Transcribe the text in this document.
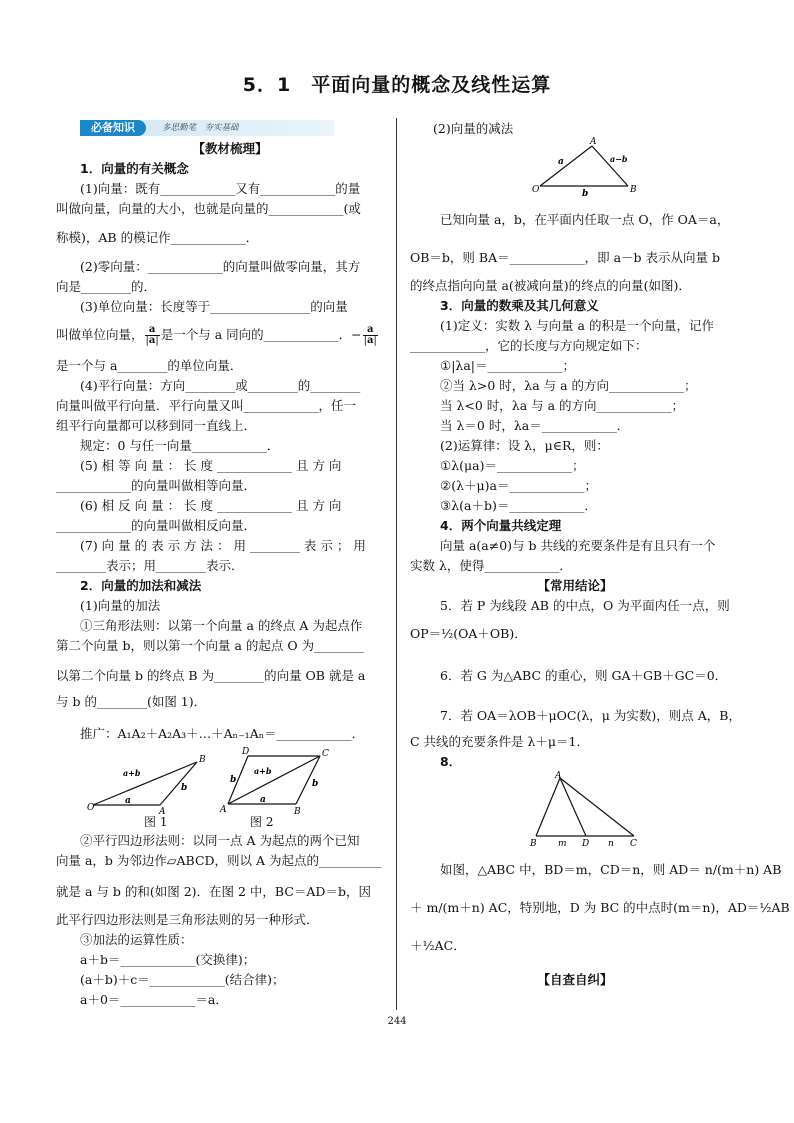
5．1　平面向量的概念及线性运算
必备知识	多思勤笔　夯实基础
【教材梳理】
1．向量的有关概念
(1)向量：既有____________又有____________的量
叫做向量，向量的大小，也就是向量的____________(或
称模)，AB 的模记作____________．
(2)零向量：____________的向量叫做零向量，其方
向是________的．
(3)单位向量：长度等于________________的向量
叫做单位向量， $\frac{a}{|a|}$ 是一个与 a 同向的____________．− $\frac{a}{|a|}$
是一个与 a________的单位向量．
(4)平行向量：方向________或________的________
向量叫做平行向量．平行向量又叫____________，任一
组平行向量都可以移到同一直线上．
规定：0 与任一向量____________．
(5) 相 等 向 量 ： 长 度 ____________ 且 方 向
____________的向量叫做相等向量．
(6) 相 反 向 量 ： 长 度 ____________ 且 方 向
____________的向量叫做相反向量．
(7) 向 量 的 表 示 方 法 ： 用 ________ 表 示 ； 用
________表示；用________表示．
2．向量的加法和减法
(1)向量的加法
①三角形法则：以第一个向量 a 的终点 A 为起点作
第二个向量 b，则以第一个向量 a 的起点 O 为________
以第二个向量 b 的终点 B 为________的向量 OB 就是 a
与 b 的________(如图 1)．
推广：A₁A₂＋A₂A₃＋…＋Aₙ₋₁Aₙ＝____________．
O	A
B
a
b
a+b
图 1
A	B
C
D
a
b	b
a+b
图 2
②平行四边形法则：以同一点 A 为起点的两个已知
向量 a，b 为邻边作▱ABCD，则以 A 为起点的__________
就是 a 与 b 的和(如图 2)．在图 2 中，BC＝AD＝b，因
此平行四边形法则是三角形法则的另一种形式．
③加法的运算性质：
a＋b＝____________(交换律)；
(a＋b)＋c＝____________(结合律)；
a＋0＝____________＝a．
(2)向量的减法
A
O	B
a
b
a−b
已知向量 a，b，在平面内任取一点 O，作 OA＝a，
OB＝b，则 BA＝____________，即 a－b 表示从向量 b
的终点指向向量 a(被减向量)的终点的向量(如图)．
3．向量的数乘及其几何意义
(1)定义：实数 λ 与向量 a 的积是一个向量，记作
____________，它的长度与方向规定如下：
①|λa|＝____________；
②当 λ>0 时，λa 与 a 的方向____________；
当 λ<0 时，λa 与 a 的方向____________；
当 λ＝0 时，λa＝____________．
(2)运算律：设 λ，μ∈R，则：
①λ(μa)＝____________；
②(λ＋μ)a＝____________；
③λ(a＋b)＝____________．
4．两个向量共线定理
向量 a(a≠0)与 b 共线的充要条件是有且只有一个
实数 λ，使得____________．
【常用结论】
5．若 P 为线段 AB 的中点，O 为平面内任一点，则
OP＝½(OA＋OB)．
6．若 G 为△ABC 的重心，则 GA＋GB＋GC＝0．
7．若 OA＝λOB＋μOC(λ，μ 为实数)，则点 A，B，
C 共线的充要条件是 λ＋μ＝1．
8．
A
B m D n C
如图，△ABC 中，BD＝m，CD＝n，则 AD＝ n/(m＋n) AB
＋ m/(m＋n) AC，特别地，D 为 BC 的中点时(m＝n)，AD＝½AB
＋½AC．
【自查自纠】
244
